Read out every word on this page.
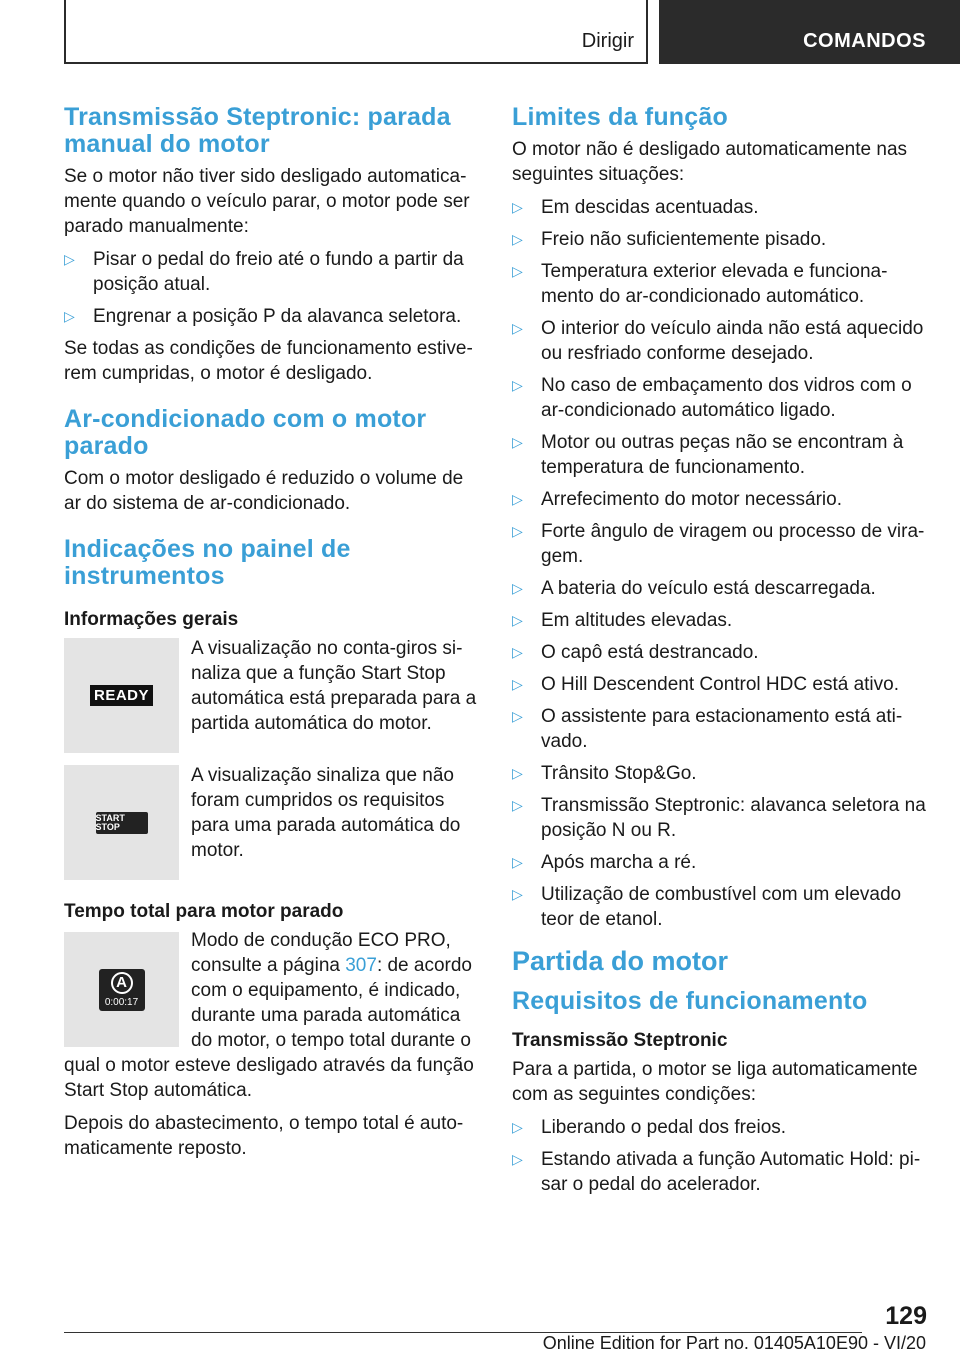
Dirigir	COMANDOS
Transmissão Steptronic: parada manual do motor

Se o motor não tiver sido desligado automaticamente quando o veículo parar, o motor pode ser parado manualmente:

▷ Pisar o pedal do freio até o fundo a partir da posição atual.
▷ Engrenar a posição P da alavanca seletora.

Se todas as condições de funcionamento estiverem cumpridas, o motor é desligado.

Ar-condicionado com o motor parado

Com o motor desligado é reduzido o volume de ar do sistema de ar-condicionado.

Indicações no painel de instrumentos
Informações gerais
READY
A visualização no conta-giros sinaliza que a função Start Stop automática está preparada para a partida automática do motor.
START STOP
A visualização sinaliza que não foram cumpridos os requisitos para uma parada automática do motor.
Tempo total para motor parado
A
0:00:17

Modo de condução ECO PRO, consulte a página 307: de acordo com o equipamento, é indicado, durante uma parada automática do motor, o tempo total durante o qual o motor esteve desligado através da função Start Stop automática.

Depois do abastecimento, o tempo total é automaticamente reposto.

Limites da função

O motor não é desligado automaticamente nas seguintes situações:

▷ Em descidas acentuadas.
▷ Freio não suficientemente pisado.
▷ Temperatura exterior elevada e funcionamento do ar-condicionado automático.
▷ O interior do veículo ainda não está aquecido ou resfriado conforme desejado.
▷ No caso de embaçamento dos vidros com o ar-condicionado automático ligado.
▷ Motor ou outras peças não se encontram à temperatura de funcionamento.
▷ Arrefecimento do motor necessário.
▷ Forte ângulo de viragem ou processo de viragem.
▷ A bateria do veículo está descarregada.
▷ Em altitudes elevadas.
▷ O capô está destrancado.
▷ O Hill Descendent Control HDC está ativo.
▷ O assistente para estacionamento está ativado.
▷ Trânsito Stop&Go.
▷ Transmissão Steptronic: alavanca seletora na posição N ou R.
▷ Após marcha a ré.
▷ Utilização de combustível com um elevado teor de etanol.
Partida do motor
Requisitos de funcionamento
Transmissão Steptronic

Para a partida, o motor se liga automaticamente com as seguintes condições:

▷ Liberando o pedal dos freios.
▷ Estando ativada a função Automatic Hold: pisar o pedal do acelerador.
129
Online Edition for Part no. 01405A10E90 - VI/20
